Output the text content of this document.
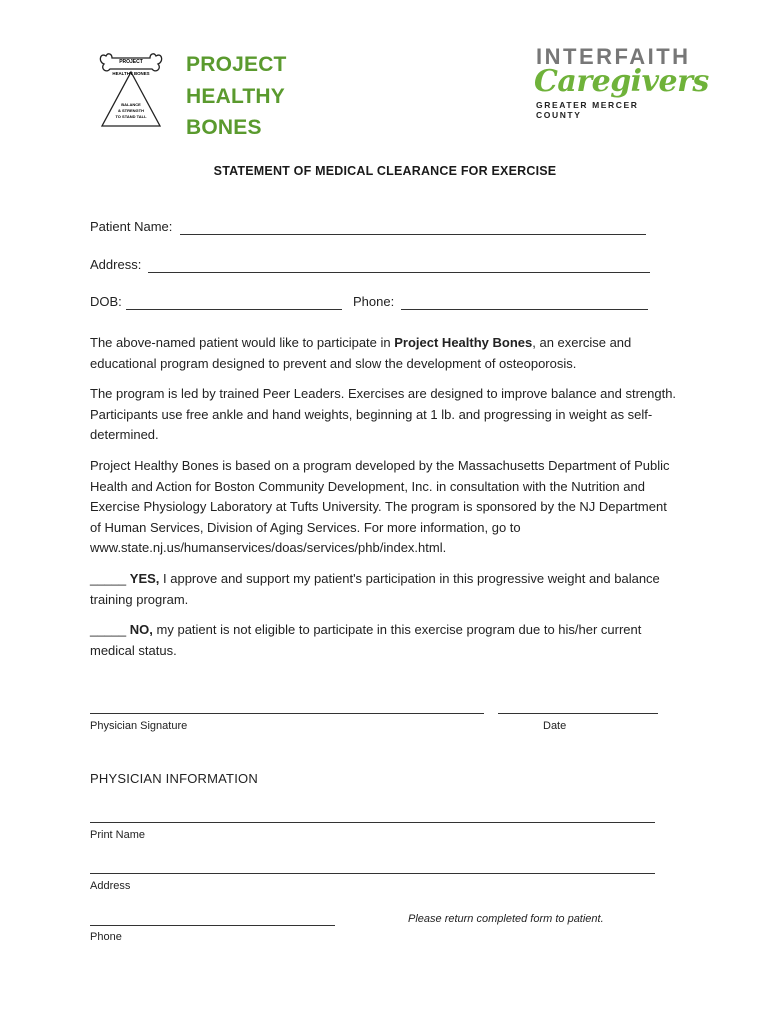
PROJECT
HEALTHY BONES
BALANCE
& STRENGTH
TO STAND TALL
PROJECT
HEALTHY
BONES
INTERFAITH
Caregivers
GREATER MERCER COUNTY
STATEMENT OF MEDICAL CLEARANCE FOR EXERCISE
Patient Name:
Address:
DOB:	Phone:
The above-named patient would like to participate in Project Healthy Bones, an exercise and educational program designed to prevent and slow the development of osteoporosis.
The program is led by trained Peer Leaders. Exercises are designed to improve balance and strength. Participants use free ankle and hand weights, beginning at 1 lb. and progressing in weight as self- determined.
Project Healthy Bones is based on a program developed by the Massachusetts Department of Public Health and Action for Boston Community Development, Inc. in consultation with the Nutrition and Exercise Physiology Laboratory at Tufts University. The program is sponsored by the NJ Department of Human Services, Division of Aging Services. For more information, go to www.state.nj.us/humanservices/doas/services/phb/index.html.
_____ YES, I approve and support my patient's participation in this progressive weight and balance training program.
_____ NO, my patient is not eligible to participate in this exercise program due to his/her current medical status.
Physician Signature	Date
PHYSICIAN INFORMATION
Print Name
Address
Phone
Please return completed form to patient.
